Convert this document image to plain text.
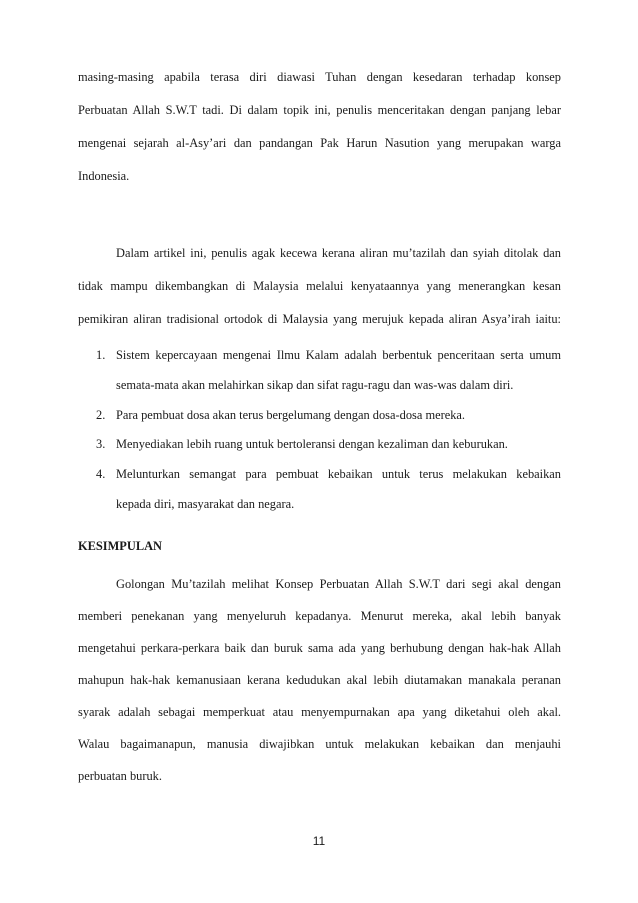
masing-masing apabila terasa diri diawasi Tuhan dengan kesedaran terhadap konsep
Perbuatan Allah S.W.T tadi. Di dalam topik ini, penulis menceritakan dengan panjang lebar
mengenai sejarah al-Asy’ari dan pandangan Pak Harun Nasution yang merupakan warga
Indonesia.
Dalam artikel ini, penulis agak kecewa kerana aliran mu’tazilah dan syiah ditolak dan
tidak mampu dikembangkan di Malaysia melalui kenyataannya yang menerangkan kesan
pemikiran aliran tradisional ortodok di Malaysia yang merujuk kepada aliran Asya’irah iaitu:
1. Sistem kepercayaan mengenai Ilmu Kalam adalah berbentuk penceritaan serta umum
semata-mata akan melahirkan sikap dan sifat ragu-ragu dan was-was dalam diri.
2. Para pembuat dosa akan terus bergelumang dengan dosa-dosa mereka.
3. Menyediakan lebih ruang untuk bertoleransi dengan kezaliman dan keburukan.
4. Melunturkan semangat para pembuat kebaikan untuk terus melakukan kebaikan
kepada diri, masyarakat dan negara.
KESIMPULAN
Golongan Mu’tazilah melihat Konsep Perbuatan Allah S.W.T dari segi akal dengan
memberi penekanan yang menyeluruh kepadanya. Menurut mereka, akal lebih banyak
mengetahui perkara-perkara baik dan buruk sama ada yang berhubung dengan hak-hak Allah
mahupun hak-hak kemanusiaan kerana kedudukan akal lebih diutamakan manakala peranan
syarak adalah sebagai memperkuat atau menyempurnakan apa yang diketahui oleh akal.
Walau bagaimanapun, manusia diwajibkan untuk melakukan kebaikan dan menjauhi
perbuatan buruk.
11
